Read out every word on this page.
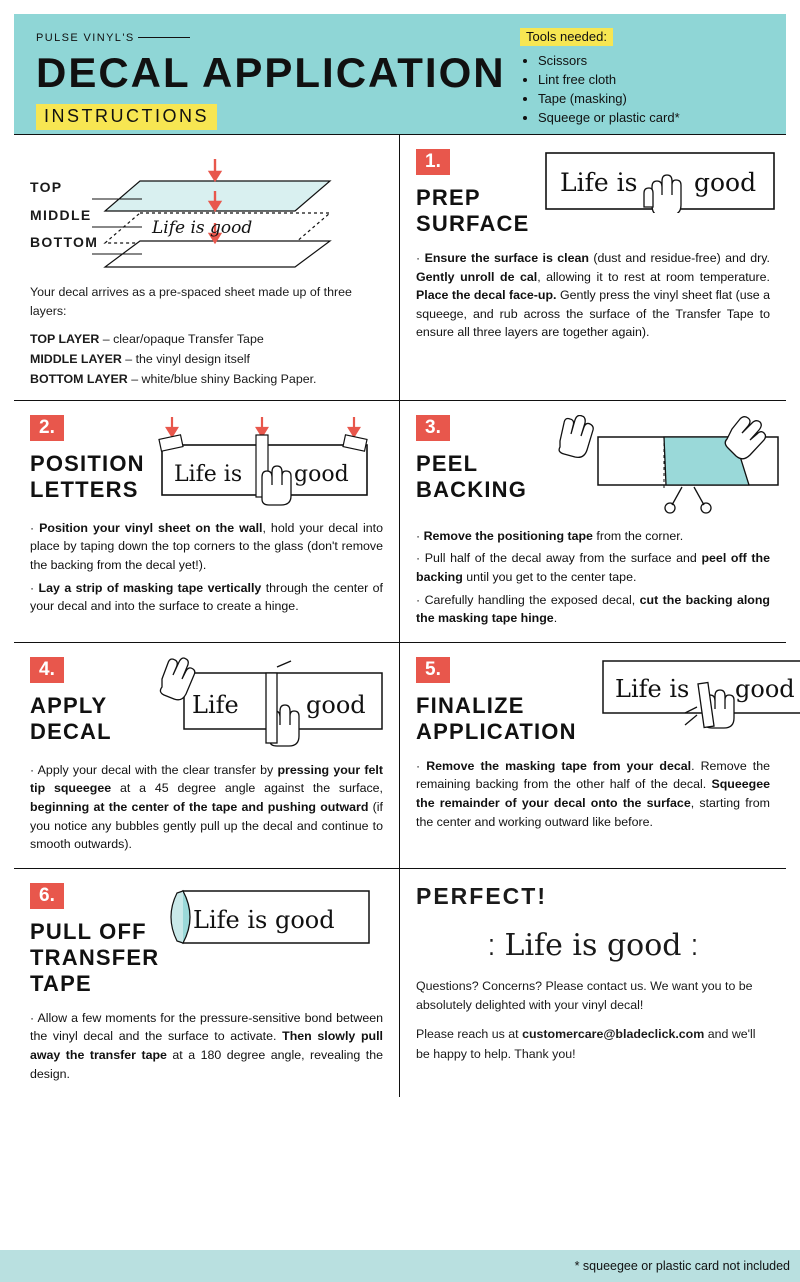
PULSE VINYL'S
DECAL APPLICATION
INSTRUCTIONS
Tools needed:
• Scissors
• Lint free cloth
• Tape (masking)
• Squeege or plastic card*
Life is good
TOP
MIDDLE
BOTTOM
Your decal arrives as a pre-spaced sheet made up of three layers:
TOP LAYER – clear/opaque Transfer Tape
MIDDLE LAYER – the vinyl design itself
BOTTOM LAYER – white/blue shiny Backing Paper.
1.
PREP
SURFACE
Life is good

· Ensure the surface is clean (dust and residue-free) and dry. Gently unroll de cal, allowing it to rest at room temperature. Place the decal face-up. Gently press the vinyl sheet flat (use a squeege, and rub across the surface of the Transfer Tape to ensure all three layers are together again).

2.
POSITION
LETTERS
Life is good

· Position your vinyl sheet on the wall, hold your decal into place by taping down the top corners to the glass (don't remove the backing from the decal yet!).

· Lay a strip of masking tape vertically through the center of your decal and into the surface to create a hinge.

3.
PEEL
BACKING

· Remove the positioning tape from the corner.

· Pull half of the decal away from the surface and peel off the backing until you get to the center tape.

· Carefully handling the exposed decal, cut the backing along the masking tape hinge.

4.
APPLY
DECAL
Life	good

· Apply your decal with the clear transfer by pressing your felt tip squeegee at a 45 degree angle against the surface, beginning at the center of the tape and pushing outward (if you notice any bubbles gently pull up the decal and continue to smooth outwards).

5.
FINALIZE
APPLICATION
Life is good

· Remove the masking tape from your decal. Remove the remaining backing from the other half of the decal. Squeegee the remainder of your decal onto the surface, starting from the center and working outward like before.

6.
PULL OFF
TRANSFER
TAPE
Life is good

· Allow a few moments for the pressure-sensitive bond between the vinyl decal and the surface to activate. Then slowly pull away the transfer tape at a 180 degree angle, revealing the design.

PERFECT!
⁚ Life is good ⁚
Questions? Concerns? Please contact us. We want you to be absolutely delighted with your vinyl decal!
Please reach us at customercare@bladeclick.com and we'll be happy to help. Thank you!
* squeegee or plastic card not included
